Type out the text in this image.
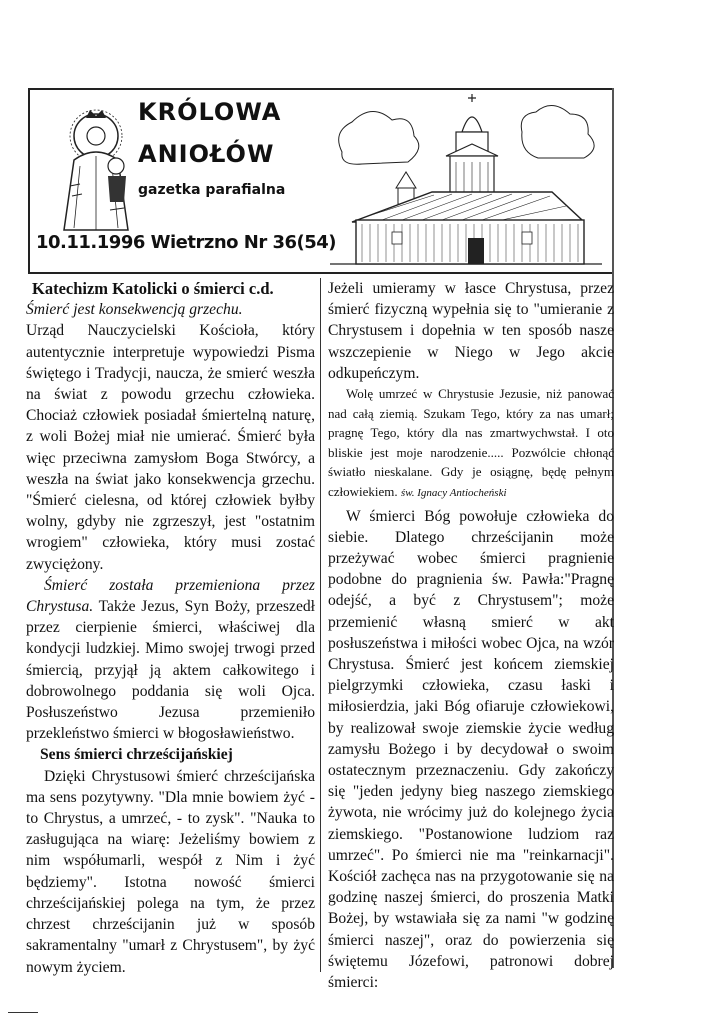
KRÓLOWA
ANIOŁÓW
gazetka parafialna
10.11.1996 Wietrzno Nr 36(54)

Katechizm Katolicki o śmierci c.d.

Śmierć jest konsekwencją grzechu.

Urząd Nauczycielski Kościoła, który autentycznie interpretuje wypowiedzi Pisma świętego i Tradycji, naucza, że smierć weszła na świat z powodu grzechu człowieka. Chociaż człowiek posiadał śmiertelną naturę, z woli Bożej miał nie umierać. Śmierć była więc przeciwna zamysłom Boga Stwórcy, a weszła na świat jako konsekwencja grzechu. "Śmierć cielesna, od której człowiek byłby wolny, gdyby nie zgrzeszył, jest "ostatnim wrogiem" człowieka, który musi zostać zwyciężony.

Śmierć została przemieniona przez Chrystusa. Także Jezus, Syn Boży, przeszedł przez cierpienie śmierci, właściwej dla kondycji ludzkiej. Mimo swojej trwogi przed śmiercią, przyjął ją aktem całkowitego i dobrowolnego poddania się woli Ojca. Posłuszeństwo Jezusa przemieniło przekleństwo śmierci w błogosławieństwo.

Sens śmierci chrześcijańskiej

Dzięki Chrystusowi śmierć chrześcijańska ma sens pozytywny. "Dla mnie bowiem żyć - to Chrystus, a umrzeć, - to zysk". "Nauka to zasługująca na wiarę: Jeżeliśmy bowiem z nim współumarli, wespół z Nim i żyć będziemy". Istotna nowość śmierci chrześcijańskiej polega na tym, że przez chrzest chrześcijanin już w sposób sakramentalny "umarł z Chrystusem", by żyć nowym życiem.

Jeżeli umieramy w łasce Chrystusa, przez śmierć fizyczną wypełnia się to "umieranie z Chrystusem i dopełnia w ten sposób nasze wszczepienie w Niego w Jego akcie odkupeńczym.

Wolę umrzeć w Chrystusie Jezusie, niż panować nad całą ziemią. Szukam Tego, który za nas umarł; pragnę Tego, który dla nas zmartwychwstał. I oto bliskie jest moje narodzenie..... Pozwólcie chłonąć światło nieskalane. Gdy je osiągnę, będę pełnym człowiekiem. św. Ignacy Antiocheński

W śmierci Bóg powołuje człowieka do siebie. Dlatego chrześcijanin może przeżywać wobec śmierci pragnienie podobne do pragnienia św. Pawła:"Pragnę odejść, a być z Chrystusem"; może przemienić własną smierć w akt posłuszeństwa i miłości wobec Ojca, na wzór Chrystusa. Śmierć jest końcem ziemskiej pielgrzymki człowieka, czasu łaski i miłosierdzia, jaki Bóg ofiaruje człowiekowi, by realizował swoje ziemskie życie według zamysłu Bożego i by decydował o swoim ostatecznym przeznaczeniu. Gdy zakończy się "jeden jedyny bieg naszego ziemskiego żywota, nie wrócimy już do kolejnego życia ziemskiego. "Postanowione ludziom raz umrzeć". Po śmierci nie ma "reinkarnacji". Kościół zachęca nas na przygotowanie się na godzinę naszej śmierci, do proszenia Matki Bożej, by wstawiała się za nami "w godzinę śmierci naszej", oraz do powierzenia się świętemu Józefowi, patronowi dobrej śmierci:
